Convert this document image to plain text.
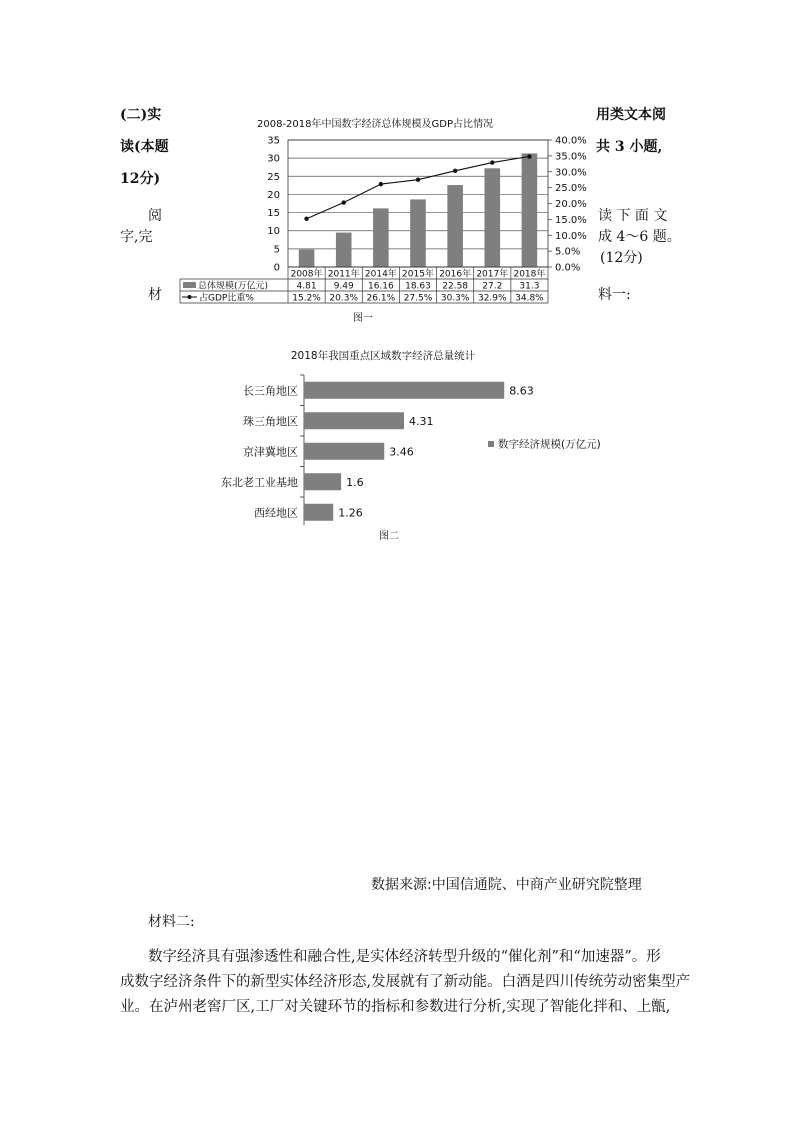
(二)实
读(本题
12分)
用类文本阅
共 3 小题,
阅
字,完
读 下 面 文
成 4～6 题。
(12分)
材	料一:
2008-2018年中国数字经济总体规模及GDP占比情况
0
5
10
15
20
25
30
35
0.0%
5.0%
10.0%
15.0%
20.0%
25.0%
30.0%
35.0%
40.0%
2008年
4.81
15.2%
2011年
9.49
20.3%
2014年
16.16
26.1%
2015年
18.63
27.5%
2016年
22.58
30.3%
2017年
27.2
32.9%
2018年
31.3
34.8%
总体规模(万亿元)
占GDP比重%
图一
2018年我国重点区域数字经济总量统计
长三角地区
珠三角地区
京津冀地区
东北老工业基地
西经地区
8.63
4.31
3.46
1.6
1.26
数字经济规模(万亿元)
图二
数据来源:中国信通院、中商产业研究院整理
材料二:
数字经济具有强渗透性和融合性,是实体经济转型升级的“催化剂”和“加速器”。形
成数字经济条件下的新型实体经济形态,发展就有了新动能。白酒是四川传统劳动密集型产
业。在泸州老窖厂区,工厂对关键环节的指标和参数进行分析,实现了智能化拌和、上甑,
